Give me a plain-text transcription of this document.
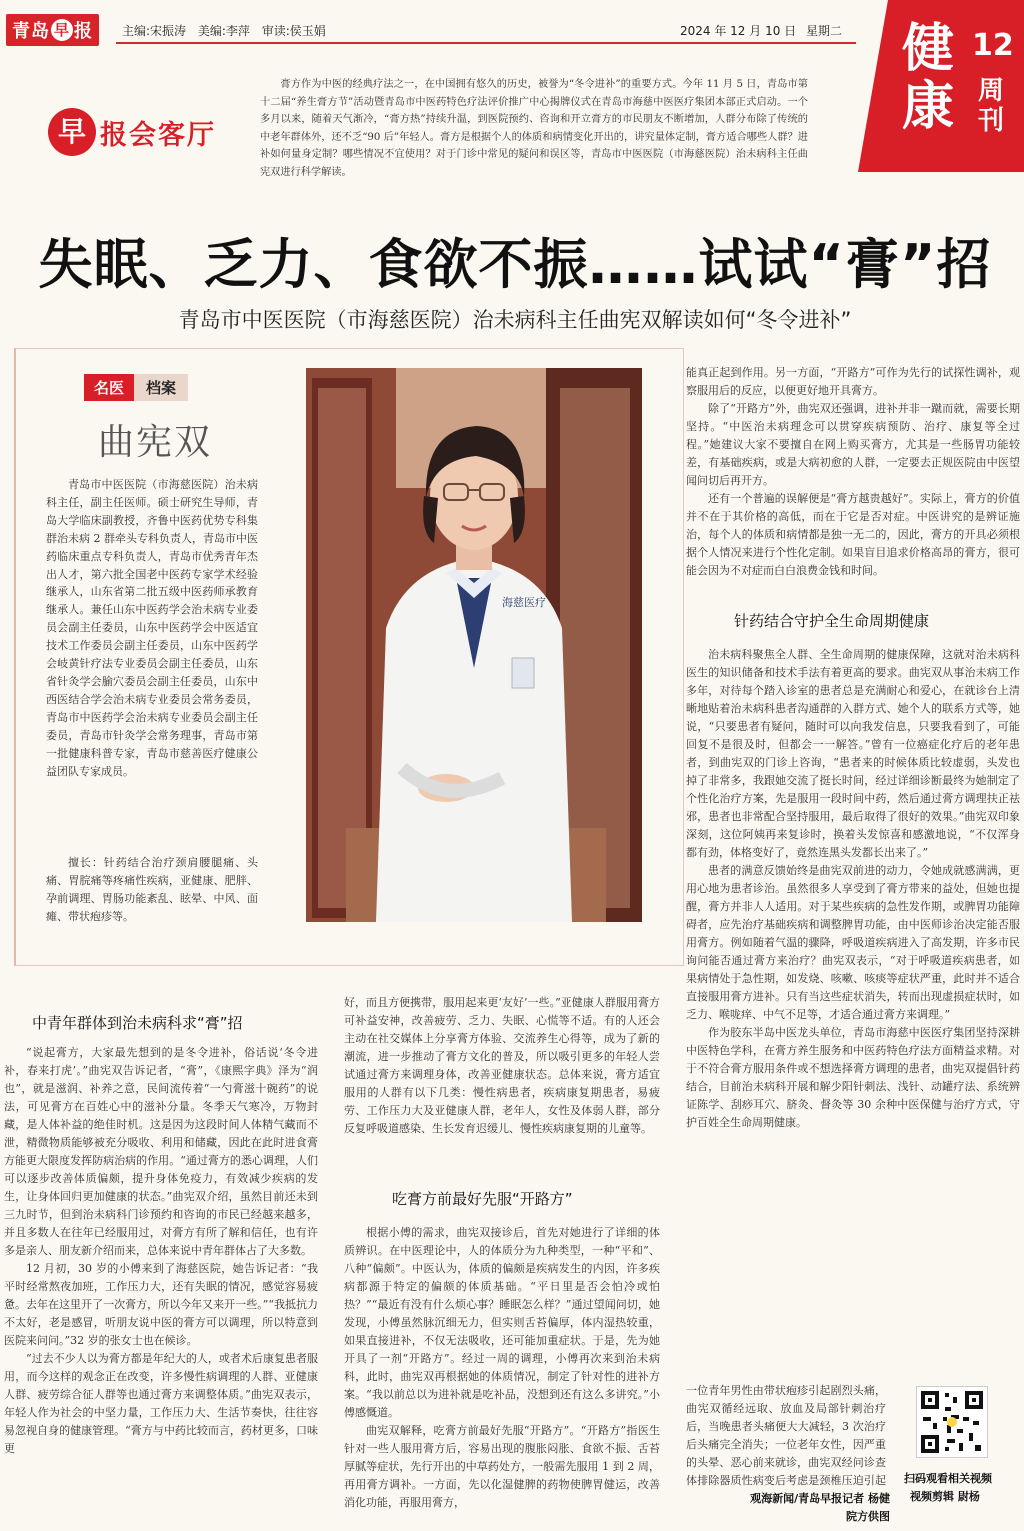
青岛 早 报 主编:宋振涛 美编:李萍 审读:侯玉娟	2024 年 12 月 10 日 星期二 健康
12
周刊
早 报会客厅
膏方作为中医的经典疗法之一，在中国拥有悠久的历史，被誉为“冬令进补”的重要方式。今年 11 月 5 日，青岛市第十二届“养生膏方节”活动暨青岛市中医药特色疗法评价推广中心揭牌仪式在青岛市海慈中医医疗集团本部正式启动。一个多月以来，随着天气渐冷，“膏方热”持续升温，到医院预约、咨询和开立膏方的市民朋友不断增加，人群分布除了传统的中老年群体外，还不乏“90 后”年轻人。膏方是根据个人的体质和病情变化开出的，讲究量体定制，膏方适合哪些人群？进补如何量身定制？哪些情况不宜使用？对于门诊中常见的疑问和误区等，青岛市中医医院（市海慈医院）治未病科主任曲宪双进行科学解读。
失眠、乏力、食欲不振……试试“膏”招
青岛市中医医院（市海慈医院）治未病科主任曲宪双解读如何“冬令进补”
名医	档案
曲宪双
青岛市中医医院（市海慈医院）治未病科主任，副主任医师。硕士研究生导师，青岛大学临床副教授，齐鲁中医药优势专科集群治未病 2 群牵头专科负责人，青岛市中医药临床重点专科负责人，青岛市优秀青年杰出人才，第六批全国老中医药专家学术经验继承人，山东省第二批五级中医药师承教育继承人。兼任山东中医药学会治未病专业委员会副主任委员，山东中医药学会中医适宜技术工作委员会副主任委员，山东中医药学会岐黄针疗法专业委员会副主任委员，山东省针灸学会腧穴委员会副主任委员，山东中西医结合学会治未病专业委员会常务委员，青岛市中医药学会治未病专业委员会副主任委员，青岛市针灸学会常务理事，青岛市第一批健康科普专家，青岛市慈善医疗健康公益团队专家成员。
擅长：针药结合治疗颈肩腰腿痛、头痛、胃脘痛等疼痛性疾病，亚健康、肥胖、孕前调理、胃肠功能紊乱、眩晕、中风、面瘫、带状疱疹等。
海慈医疗

能真正起到作用。另一方面，“开路方”可作为先行的试探性调补，观察服用后的反应，以便更好地开具膏方。

除了“开路方”外，曲宪双还强调，进补并非一蹴而就，需要长期坚持。“中医治未病理念可以贯穿疾病预防、治疗、康复等全过程。”她建议大家不要擅自在网上购买膏方，尤其是一些肠胃功能较差，有基础疾病，或是大病初愈的人群，一定要去正规医院由中医望闻问切后再开方。

还有一个普遍的误解便是“膏方越贵越好”。实际上，膏方的价值并不在于其价格的高低，而在于它是否对症。中医讲究的是辨证施治，每个人的体质和病情都是独一无二的，因此，膏方的开具必须根据个人情况来进行个性化定制。如果盲目追求价格高昂的膏方，很可能会因为不对症而白白浪费金钱和时间。

针药结合守护全生命周期健康

治未病科聚焦全人群、全生命周期的健康保障，这就对治未病科医生的知识储备和技术手法有着更高的要求。曲宪双从事治未病工作多年，对待每个踏入诊室的患者总是充满耐心和爱心，在就诊台上清晰地贴着治未病科患者沟通群的入群方式、她个人的联系方式等，她说，“只要患者有疑问，随时可以向我发信息，只要我看到了，可能回复不是很及时，但都会一一解答。”曾有一位癌症化疗后的老年患者，到曲宪双的门诊上咨询，“患者来的时候体质比较虚弱，头发也掉了非常多，我跟她交流了挺长时间，经过详细诊断最终为她制定了个性化治疗方案，先是服用一段时间中药，然后通过膏方调理扶正祛邪，患者也非常配合坚持服用，最后取得了很好的效果。”曲宪双印象深刻，这位阿姨再来复诊时，换着头发惊喜和感激地说，“不仅浑身都有劲，体格变好了，竟然连黑头发都长出来了。”

患者的满意反馈始终是曲宪双前进的动力，令她成就感满满，更用心地为患者诊治。虽然很多人享受到了膏方带来的益处，但她也提醒，膏方并非人人适用。对于某些疾病的急性发作期，或脾胃功能障碍者，应先治疗基础疾病和调整脾胃功能，由中医师诊治决定能否服用膏方。例如随着气温的骤降，呼吸道疾病进入了高发期，许多市民询问能否通过膏方来治疗？曲宪双表示，“对于呼吸道疾病患者，如果病情处于急性期，如发烧、咳嗽、咳痰等症状严重，此时并不适合直接服用膏方进补。只有当这些症状消失，转而出现虚损症状时，如乏力、喉咙痒、中气不足等，才适合通过膏方来调理。”

作为胶东半岛中医龙头单位，青岛市海慈中医医疗集团坚持深耕中医特色学科，在膏方养生服务和中医药特色疗法方面精益求精。对于不符合膏方服用条件或不想选择膏方调理的患者，曲宪双提倡针药结合，目前治未病科开展和解少阳针刺法、浅针、动罐疗法、系统辨证陈学、刮痧耳穴、脐灸、督灸等 30 余种中医保健与治疗方式，守护百姓全生命周期健康。

一位青年男性由带状疱疹引起剧烈头痛，曲宪双循经远取、放血及局部针刺治疗后，当晚患者头痛便大大减轻，3 次治疗后头痛完全消失；一位老年女性，因严重的头晕、恶心前来就诊，曲宪双经问诊查体排除器质性病变后考虑是颈椎压迫引起

中青年群体到治未病科求“膏”招

“说起膏方，大家最先想到的是冬令进补，俗话说‘冬令进补，春来打虎’。”曲宪双告诉记者，“膏”，《康熙字典》泽为“润也”，就是滋润、补养之意，民间流传着“一勺膏滋十碗药”的说法，可见膏方在百姓心中的滋补分量。冬季天气寒冷，万物封藏，是人体补益的绝佳时机。这是因为这段时间人体精气藏而不泄，精微物质能够被充分吸收、利用和储藏，因此在此时进食膏方能更大限度发挥防病治病的作用。“通过膏方的悉心调理，人们可以逐步改善体质偏颇，提升身体免疫力，有效减少疾病的发生，让身体回归更加健康的状态。”曲宪双介绍，虽然目前还未到三九时节，但到治未病科门诊预约和咨询的市民已经越来越多，并且多数人在往年已经服用过，对膏方有所了解和信任，也有许多是亲人、朋友新介绍而来，总体来说中青年群体占了大多数。

12 月初，30 岁的小傅来到了海慈医院，她告诉记者：“我平时经常熬夜加班，工作压力大，还有失眠的情况，感觉容易疲惫。去年在这里开了一次膏方，所以今年又来开一些。”“我抵抗力不太好，老是感冒，听朋友说中医的膏方可以调理，所以特意到医院来问问。”32 岁的张女士也在候诊。

“过去不少人以为膏方都是年纪大的人，或者术后康复患者服用，而今这样的观念正在改变，许多慢性病调理的人群、亚健康人群、疲劳综合征人群等也通过膏方来调整体质。”曲宪双表示，年轻人作为社会的中坚力量，工作压力大、生活节奏快，往往容易忽视自身的健康管理。“膏方与中药比较而言，药材更多，口味更

好，而且方便携带，服用起来更‘友好’一些。”亚健康人群服用膏方可补益安神，改善疲劳、乏力、失眠、心慌等不适。有的人还会主动在社交媒体上分享膏方体验、交流养生心得等，成为了新的潮流，进一步推动了膏方文化的普及，所以吸引更多的年轻人尝试通过膏方来调理身体，改善亚健康状态。总体来说，膏方适宜服用的人群有以下几类：慢性病患者，疾病康复期患者，易疲劳、工作压力大及亚健康人群，老年人，女性及体弱人群，部分反复呼吸道感染、生长发育迟缓儿、慢性疾病康复期的儿童等。

吃膏方前最好先服“开路方”

根据小傅的需求，曲宪双接诊后，首先对她进行了详细的体质辨识。在中医理论中，人的体质分为九种类型，一种“平和”、八种“偏颇”。中医认为，体质的偏颇是疾病发生的内因，许多疾病都源于特定的偏颇的体质基础。“平日里是否会怕冷或怕热？”“最近有没有什么烦心事？睡眠怎么样？”通过望闻问切，她发现，小傅虽然脉沉细无力，但实则舌苔偏厚，体内湿热较重，如果直接进补，不仅无法吸收，还可能加重症状。于是，先为她开具了一剂“开路方”。经过一周的调理，小傅再次来到治未病科，此时，曲宪双再根据她的体质情况，制定了针对性的进补方案。“我以前总以为进补就是吃补品，没想到还有这么多讲究。”小傅感慨道。

曲宪双解释，吃膏方前最好先服“开路方”。“开路方”指医生针对一些人服用膏方后，容易出现的腹胀闷胀、食欲不振、舌苔厚腻等症状，先行开出的中草药处方，一般需先服用 1 到 2 周，再用膏方调补。一方面，先以化湿健脾的药物使脾胃健运，改善消化功能，再服用膏方，

扫码观看相关视频
视频剪辑 尉杨
观海新闻/青岛早报记者 杨健
院方供图
